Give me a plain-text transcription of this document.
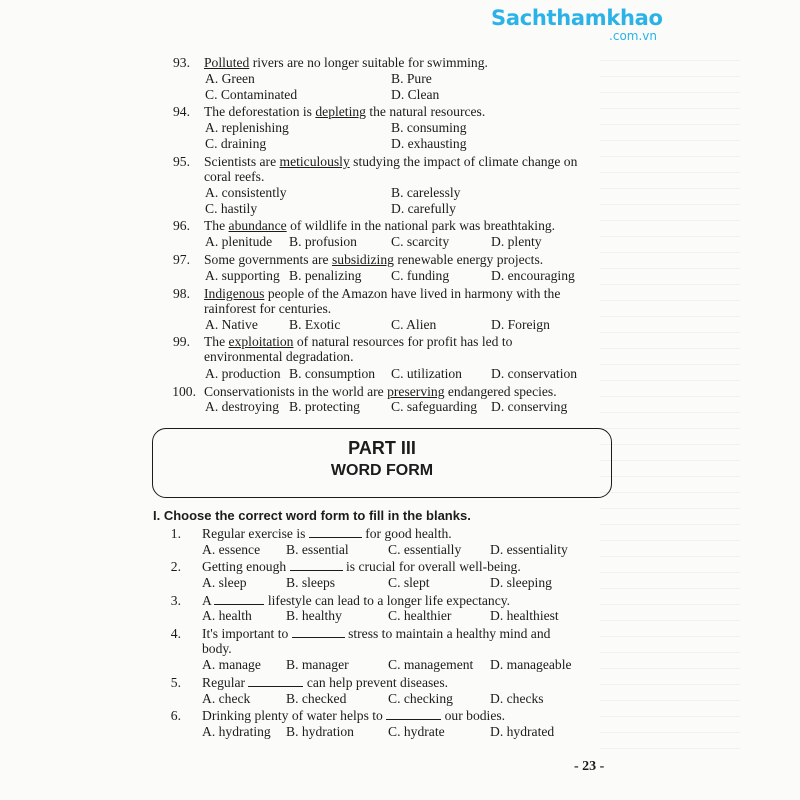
Sachthamkhao
.com.vn
93. Polluted rivers are no longer suitable for swimming.
A. Green	B. Pure
C. Contaminated	D. Clean
94. The deforestation is depleting the natural resources.
A. replenishing	B. consuming
C. draining	D. exhausting
95. Scientists are meticulously studying the impact of climate change on
coral reefs.
A. consistently	B. carelessly
C. hastily	D. carefully
96. The abundance of wildlife in the national park was breathtaking.
A. plenitude B. profusion	C. scarcity	D. plenty
97. Some governments are subsidizing renewable energy projects.
A. supporting B. penalizing C. funding	D. encouraging
98. Indigenous people of the Amazon have lived in harmony with the
rainforest for centuries.
A. Native B. Exotic	C. Alien	D. Foreign
99. The exploitation of natural resources for profit has led to
environmental degradation.
A. production B. consumption C. utilization D. conservation
100. Conservationists in the world are preserving endangered species.
A. destroying B. protecting C. safeguarding D. conserving
PART III
WORD FORM
I. Choose the correct word form to fill in the blanks.
1. Regular exercise is	for good health.
A. essence B. essential	C. essentially D. essentiality
2. Getting enough	is crucial for overall well-being.
A. sleep	B. sleeps	C. slept	D. sleeping
3. A	lifestyle can lead to a longer life expectancy.
A. health	B. healthy	C. healthier	D. healthiest
4. It's important to	stress to maintain a healthy mind and
body.
A. manage B. manager	C. management D. manageable
5. Regular	can help prevent diseases.
A. check	B. checked	C. checking	D. checks
6. Drinking plenty of water helps to	our bodies.
A. hydrating B. hydration	C. hydrate	D. hydrated
- 23 -
